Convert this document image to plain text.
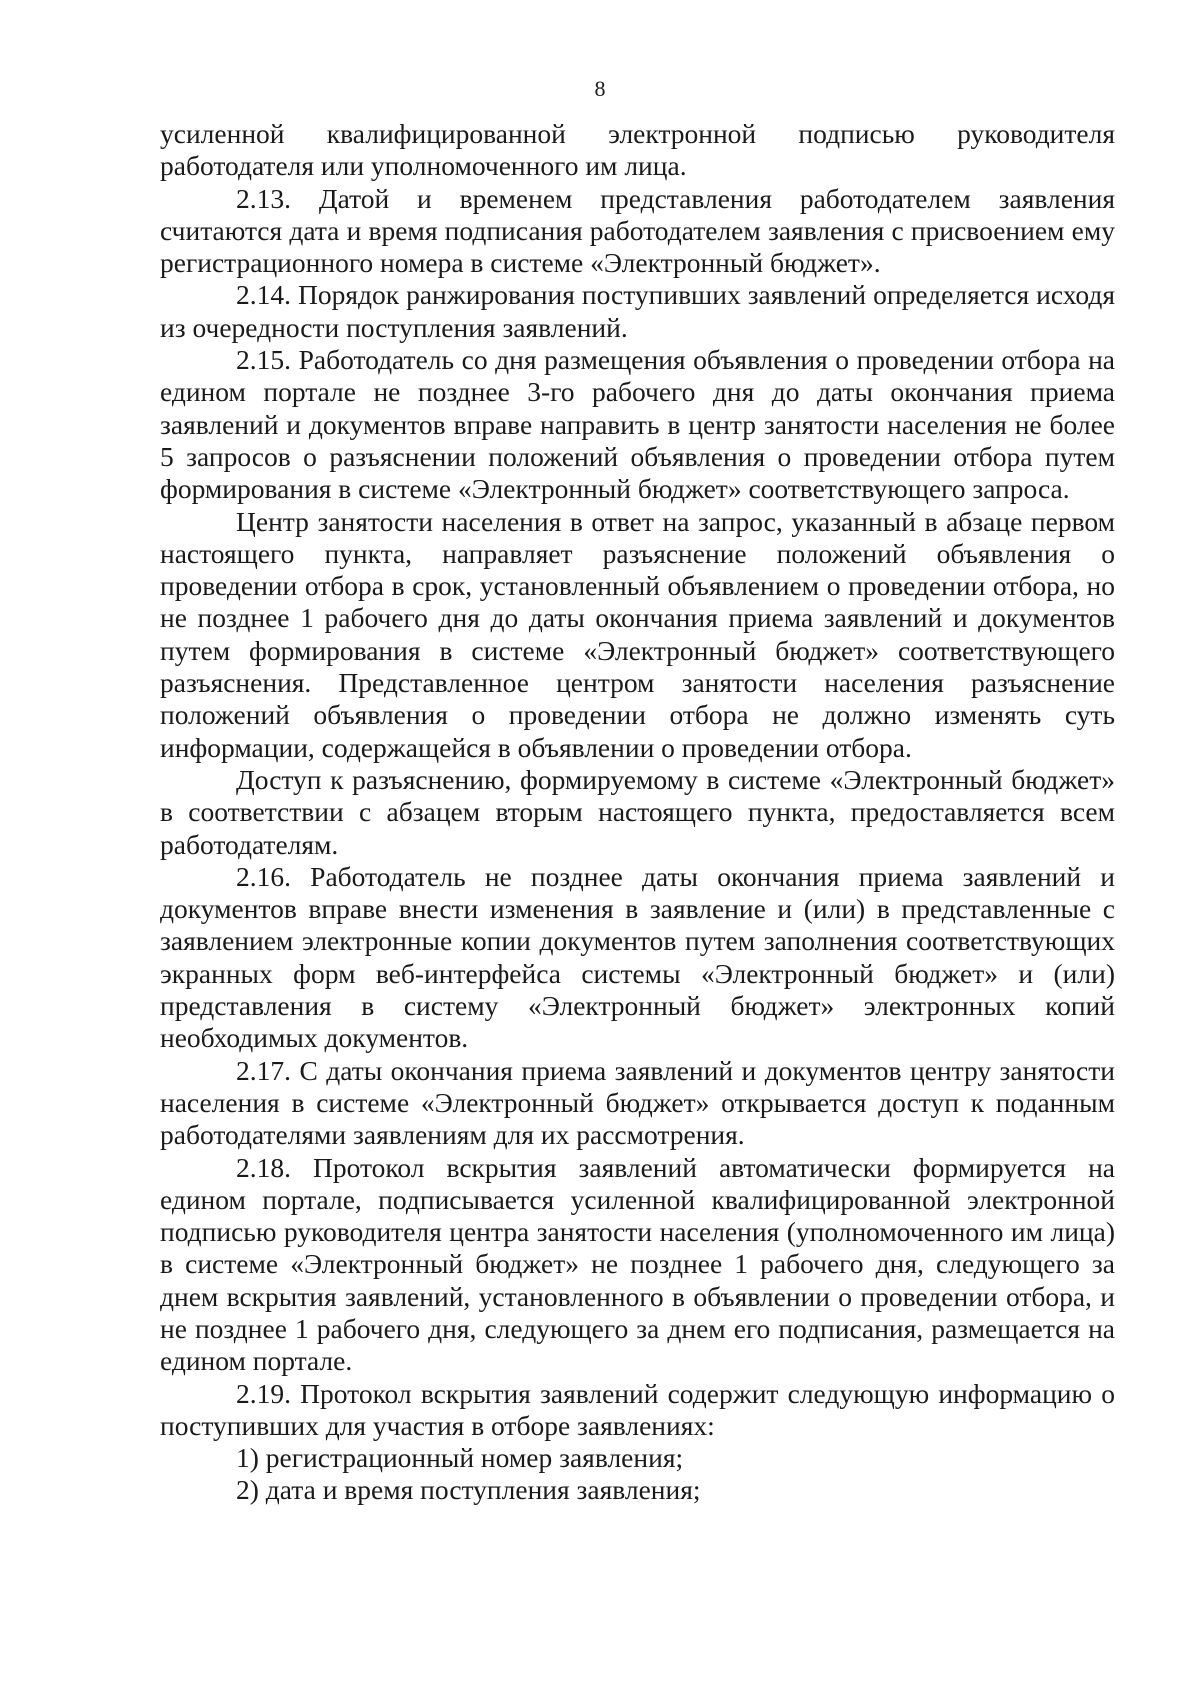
8

усиленной квалифицированной электронной подписью руководителя работодателя или уполномоченного им лица.

2.13. Датой и временем представления работодателем заявления считаются дата и время подписания работодателем заявления с присвоением ему регистрационного номера в системе «Электронный бюджет».

2.14. Порядок ранжирования поступивших заявлений определяется исходя из очередности поступления заявлений.

2.15. Работодатель со дня размещения объявления о проведении отбора на едином портале не позднее 3-го рабочего дня до даты окончания приема заявлений и документов вправе направить в центр занятости населения не более 5 запросов о разъяснении положений объявления о проведении отбора путем формирования в системе «Электронный бюджет» соответствующего запроса.

Центр занятости населения в ответ на запрос, указанный в абзаце первом настоящего пункта, направляет разъяснение положений объявления о проведении отбора в срок, установленный объявлением о проведении отбора, но не позднее 1 рабочего дня до даты окончания приема заявлений и документов путем формирования в системе «Электронный бюджет» соответствующего разъяснения. Представленное центром занятости населения разъяснение положений объявления о проведении отбора не должно изменять суть информации, содержащейся в объявлении о проведении отбора.

Доступ к разъяснению, формируемому в системе «Электронный бюджет» в соответствии с абзацем вторым настоящего пункта, предоставляется всем работодателям.

2.16. Работодатель не позднее даты окончания приема заявлений и документов вправе внести изменения в заявление и (или) в представленные с заявлением электронные копии документов путем заполнения соответствующих экранных форм веб-интерфейса системы «Электронный бюджет» и (или) представления в систему «Электронный бюджет» электронных копий необходимых документов.

2.17. С даты окончания приема заявлений и документов центру занятости населения в системе «Электронный бюджет» открывается доступ к поданным работодателями заявлениям для их рассмотрения.

2.18. Протокол вскрытия заявлений автоматически формируется на едином портале, подписывается усиленной квалифицированной электронной подписью руководителя центра занятости населения (уполномоченного им лица) в системе «Электронный бюджет» не позднее 1 рабочего дня, следующего за днем вскрытия заявлений, установленного в объявлении о проведении отбора, и не позднее 1 рабочего дня, следующего за днем его подписания, размещается на едином портале.

2.19. Протокол вскрытия заявлений содержит следующую информацию о поступивших для участия в отборе заявлениях:

1) регистрационный номер заявления;

2) дата и время поступления заявления;
